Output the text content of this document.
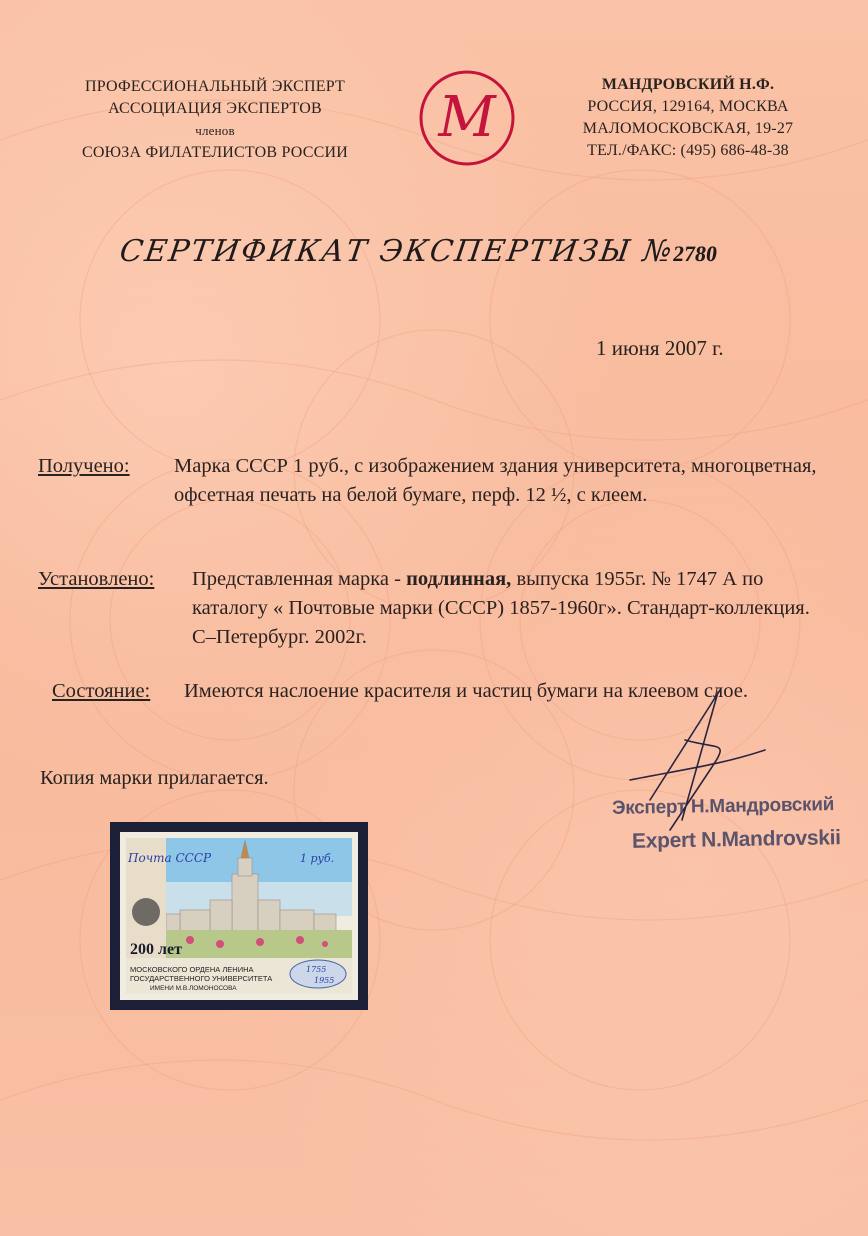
ПРОФЕССИОНАЛЬНЫЙ ЭКСПЕРТ
АССОЦИАЦИЯ ЭКСПЕРТОВ
членов
СОЮЗА ФИЛАТЕЛИСТОВ РОССИИ
М
МАНДРОВСКИЙ Н.Ф.
РОССИЯ, 129164, МОСКВА
МАЛОМОСКОВСКАЯ, 19-27
ТЕЛ./ФАКС: (495) 686-48-38
СЕРТИФИКАТ ЭКСПЕРТИЗЫ №2780
1 июня 2007 г.
Получено: Марка СССР 1 руб., с изображением здания университета, многоцветная, офсетная печать на белой бумаге, перф. 12 ½, с клеем.
Установлено: Представленная марка - подлинная, выпуска 1955г. № 1747 А по каталогу « Почтовые марки (СССР) 1857-1960г». Стандарт-коллекция. С–Петербург. 2002г.
Состояние: Имеются наслоение красителя и частиц бумаги на клеевом слое.
Копия марки прилагается.
Эксперт Н.Мандровский
Expert N.Mandrovskii
200 лет
Почта СССР	1 руб.
МОСКОВСКОГО ОРДЕНА ЛЕНИНА
ГОСУДАРСТВЕННОГО УНИВЕРСИТЕТА
ИМЕНИ М.В.ЛОМОНОСОВА
1755
1955
